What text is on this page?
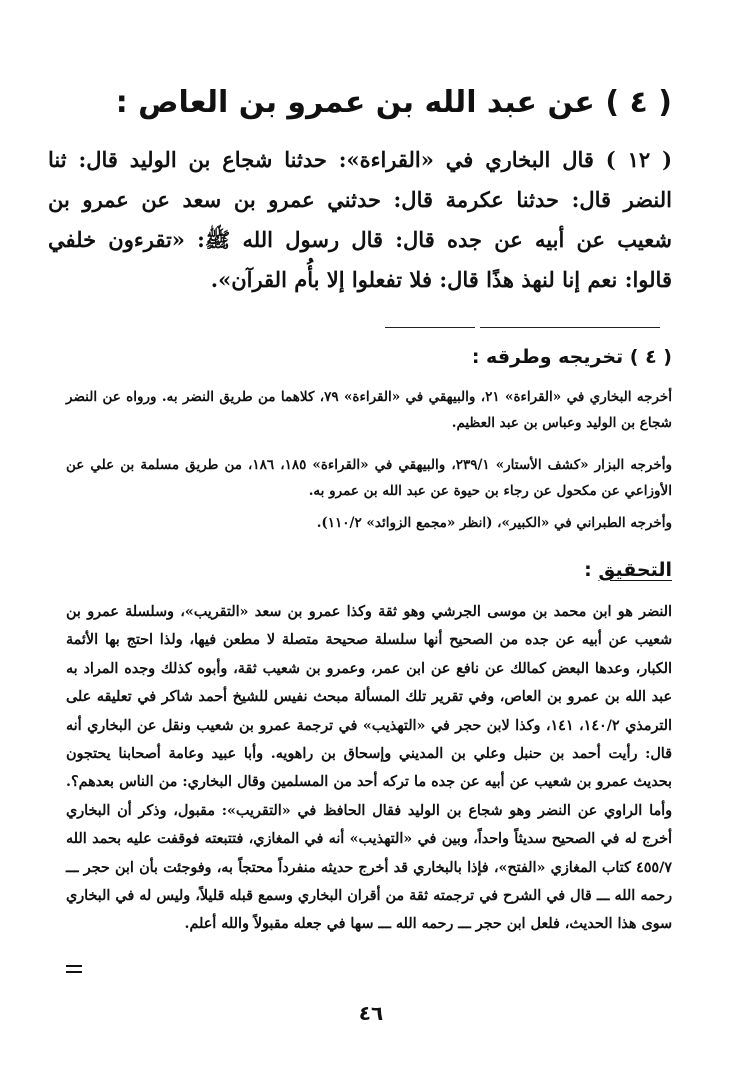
( ٤ ) عن عبد الله بن عمرو بن العاص :
( ١٢ ) قال البخاري في «القراءة»: حدثنا شجاع بن الوليد قال: ثنا النضر قال: حدثنا عكرمة قال: حدثني عمرو بن سعد عن عمرو بن شعيب عن أبيه عن جده قال: قال رسول الله ﷺ: «تقرءون خلفي قالوا: نعم إنا لنهذ هذًا قال: فلا تفعلوا إلا بأُم القرآن».
( ٤ ) تخريجه وطرقه :
أخرجه البخاري في «القراءة» ٢١، والبيهقي في «القراءة» ٧٩، كلاهما من طريق النضر به. ورواه عن النضر شجاع بن الوليد وعباس بن عبد العظيم.
وأخرجه البزار «كشف الأستار» ٢٣٩/١، والبيهقي في «القراءة» ١٨٥، ١٨٦، من طريق مسلمة بن علي عن الأوزاعي عن مكحول عن رجاء بن حيوة عن عبد الله بن عمرو به.
وأخرجه الطبراني في «الكبير»، (انظر «مجمع الزوائد» ١١٠/٢).
التحقيق :
النضر هو ابن محمد بن موسى الجرشي وهو ثقة وكذا عمرو بن سعد «التقريب»، وسلسلة عمرو بن شعيب عن أبيه عن جده من الصحيح أنها سلسلة صحيحة متصلة لا مطعن فيها، ولذا احتج بها الأئمة الكبار، وعدها البعض كمالك عن نافع عن ابن عمر، وعمرو بن شعيب ثقة، وأبوه كذلك وجده المراد به عبد الله بن عمرو بن العاص، وفي تقرير تلك المسألة مبحث نفيس للشيخ أحمد شاكر في تعليقه على الترمذي ١٤٠/٢، ١٤١، وكذا لابن حجر في «التهذيب» في ترجمة عمرو بن شعيب ونقل عن البخاري أنه قال: رأيت أحمد بن حنبل وعلي بن المديني وإسحاق بن راهويه. وأبا عبيد وعامة أصحابنا يحتجون بحديث عمرو بن شعيب عن أبيه عن جده ما تركه أحد من المسلمين وقال البخاري: من الناس بعدهم؟. وأما الراوي عن النضر وهو شجاع بن الوليد فقال الحافظ في «التقريب»: مقبول، وذكر أن البخاري أخرج له في الصحيح سديثاً واحداً، وبين في «التهذيب» أنه في المغازي، فتتبعته فوقفت عليه بحمد الله ٤٥٥/٧ كتاب المغازي «الفتح»، فإذا بالبخاري قد أخرج حديثه منفرداً محتجاً به، وفوجئت بأن ابن حجر ـــ رحمه الله ـــ قال في الشرح في ترجمته ثقة من أقران البخاري وسمع قبله قليلاً، وليس له في البخاري سوى هذا الحديث، فلعل ابن حجر ـــ رحمه الله ـــ سها في جعله مقبولاً والله أعلم.
٤٦
